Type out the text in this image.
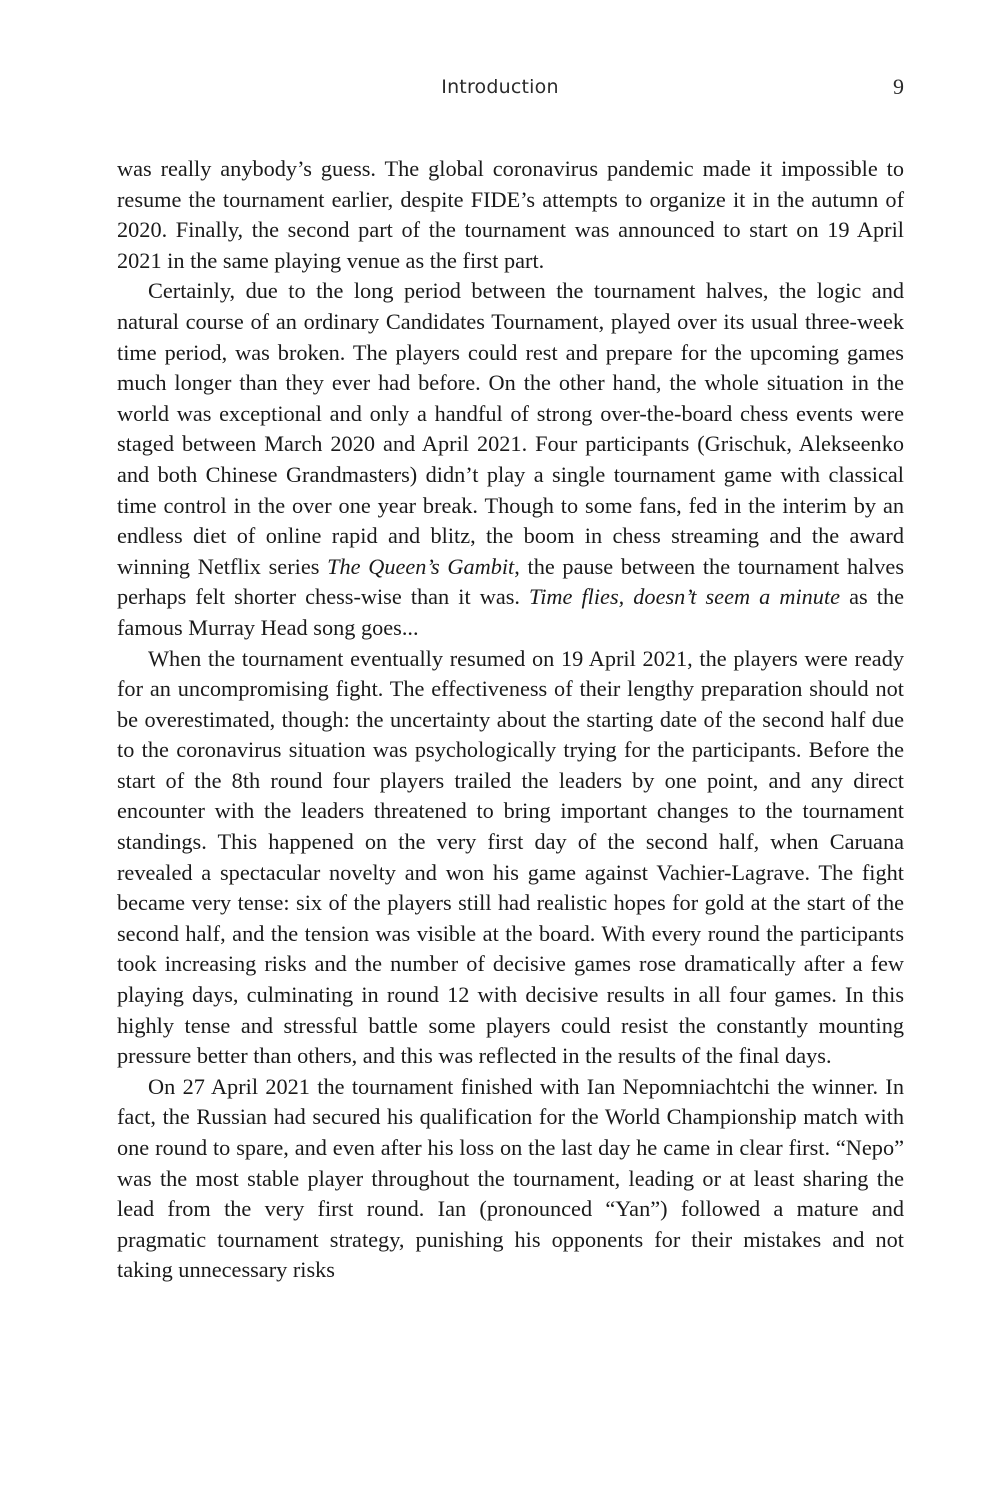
Introduction	9

was really anybody’s guess. The global coronavirus pandemic made it impossible to resume the tournament earlier, despite FIDE’s attempts to organize it in the autumn of 2020. Finally, the second part of the tournament was announced to start on 19 April 2021 in the same playing venue as the first part.

Certainly, due to the long period between the tournament halves, the logic and natural course of an ordinary Candidates Tournament, played over its usual three-week time period, was broken. The players could rest and prepare for the upcoming games much longer than they ever had before. On the other hand, the whole situation in the world was exceptional and only a handful of strong over-the-board chess events were staged between March 2020 and April 2021. Four participants (Grischuk, Alekseenko and both Chinese Grandmasters) didn’t play a single tournament game with classical time control in the over one year break. Though to some fans, fed in the interim by an endless diet of online rapid and blitz, the boom in chess streaming and the award winning Netflix series The Queen’s Gambit, the pause between the tournament halves perhaps felt shorter chess-wise than it was. Time flies, doesn’t seem a minute as the famous Murray Head song goes...

When the tournament eventually resumed on 19 April 2021, the players were ready for an uncompromising fight. The effectiveness of their lengthy preparation should not be overestimated, though: the uncertainty about the starting date of the second half due to the coronavirus situation was psychologically trying for the participants. Before the start of the 8th round four players trailed the leaders by one point, and any direct encounter with the leaders threatened to bring important changes to the tournament standings. This happened on the very first day of the second half, when Caruana revealed a spectacular novelty and won his game against Vachier-Lagrave. The fight became very tense: six of the players still had realistic hopes for gold at the start of the second half, and the tension was visible at the board. With every round the participants took increasing risks and the number of decisive games rose dramatically after a few playing days, culminating in round 12 with decisive results in all four games. In this highly tense and stressful battle some players could resist the constantly mounting pressure better than others, and this was reflected in the results of the final days.

On 27 April 2021 the tournament finished with Ian Nepomniachtchi the winner. In fact, the Russian had secured his qualification for the World Championship match with one round to spare, and even after his loss on the last day he came in clear first. “Nepo” was the most stable player throughout the tournament, leading or at least sharing the lead from the very first round. Ian (pronounced “Yan”) followed a mature and pragmatic tournament strategy, punishing his opponents for their mistakes and not taking unnecessary risks
